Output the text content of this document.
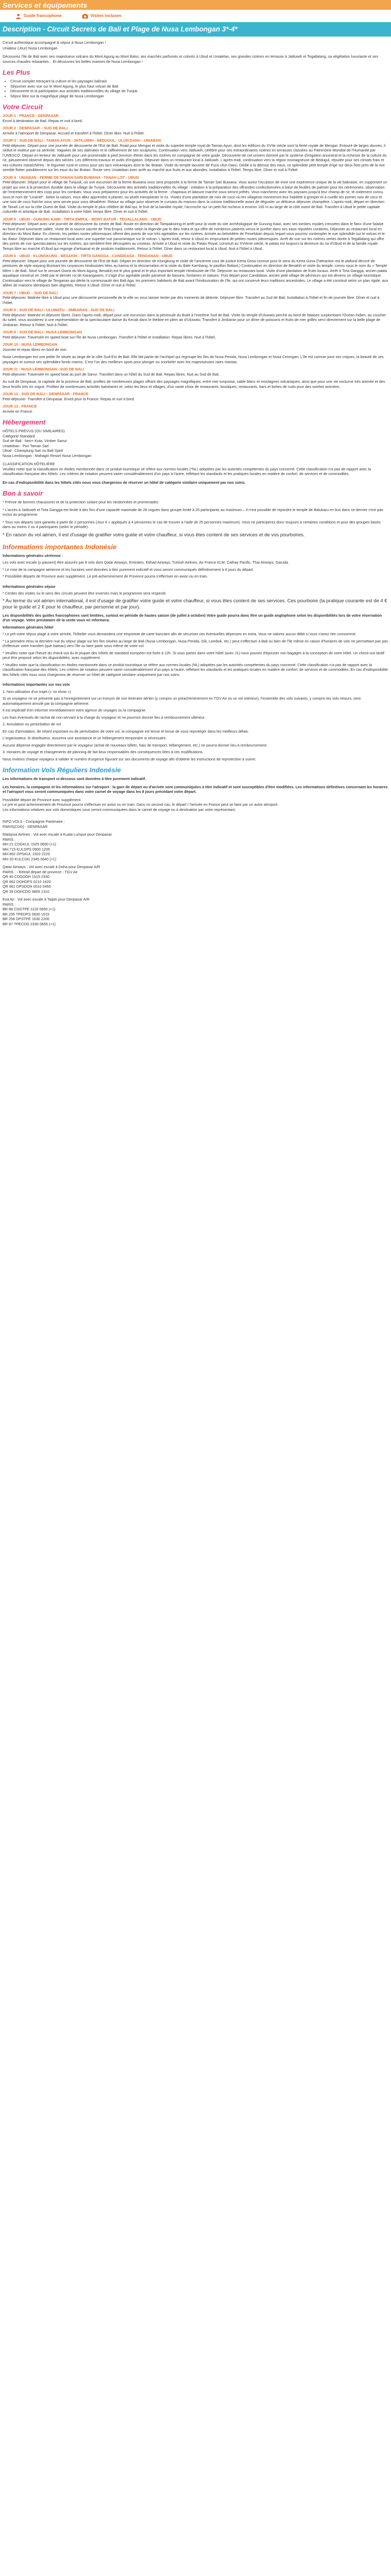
Services et équipements
Guide francophone	Visites incluses
Description - Circuit Secrets de Bali et Plage de Nusa Lembongan 3*-4*

Circuit authentique accompagné & séjour à Nusa Lembongan !

Uniateur (Jour) Nusa Lembongan

Découvrez l'île de Bali avec ses majestueux volcans du Mont Agung au Mont Batur, ses marchés parfumés et colorés à Ubud et Uniatelan, ses grandes rizières en terrasse à Jatiluwih et Tegallalang, sa végétation luxuriante et ses sources chaudes relaxantes... Et découvrez les belles marines de Nusa Lembongan !

Les Plus
• Circuit complet retraçant la culture et les paysages balinais
• Séjourner avec vue sur le Mont Agung, le plus haut volcan de Bali
• Découverte et la participation aux activités traditionnelles du village de Tunjuk
• Séjour libre sur la magnifique plage de Nusa Lembongan
Votre Circuit
JOUR 1 : FRANCE - DENPASAR

Envol à destination de Bali. Repas et nuit à bord.

JOUR 2 : DENPASAR – SUD DE BALI

Arrivée à l'aéroport de Denpasar. Accueil et transfert à l'hôtel. Dîner libre. Nuit à l'hôtel.

JOUR 3 : SUD DE BALI - TAMAN AYUN - JATILUWIH - BEDUGUL - ULUN DANU - UNIABAN

Petit-déjeuner. Départ pour une journée de découverte de l'Est de Bali. Road pour Mengwi et visite du superbe temple royal de Taman Ayun, dont les édifices du XVIIe siècle sont la fierté royale de Mengwi. Entouré de larges douves, il séduit le visiteur par sa sérénité. Vaguées de ses dalmates et le raffinement de ses sculptures. Continuation vers Jatiluwih, célébré pour ses extraordinaires rizières en terrasses classées au Patrimoine Mondial de l'Humanité par l'UNESCO. Départ en lenteur de Jatiluwih pour une promenade à pied (environ 45min dans les rizières en compagnie de votre guide. Découverte de cet univers dominé par le système d'irrigation ancestral et la richesse de la culture du riz, pieusement observé depuis des siècles. Les différents travaux et outils d'irrigation. Déjeuner dans un restaurant local à Jatiluwih. L'après-midi, continuation vers la région montagneuse de Bedugul, réputée pour ses climats frais et ses cultures maraîchères : le légumier rural et connu pour ses lacs volcaniques dont le lac Bratan. Visite du temple lacustre de Pura Ulun Danu. Dédié à la déesse des eaux, ce splendide petit temple érigé sur deux îlots près de la rive semble flotter paisiblement sur les eaux du lac Bratan. Route vers Uniateban avec arrêt au marché aux fruits et aux abondes. Installation à l'hôtel. Temps libre. Dîner et nuit à l'hôtel.

JOUR 4 : UNIABAN - FERME DE TAMAN SARI BUWANA - TANAH LOT - UBUD

Petit-déjeuner. Départ pour le village de Tunjuuk, où une excursion de la ferme Buwana vous sera proposée à la ferme de Taman Sari Buwana. Vous aurez l'occasion de vivre une expérience unique de la vie balinaise, en supportant un projet qui vise à la protection durable dans le village de Tunjuk. Découverte des activités traditionnelles du village : initiation à la préparation des offrandes confectionnées à base de feuilles de palmier pour les cérémonies, observation de l'entretiennement des coqs pour les combats. Vous vous préparerez pour les activités de la ferme : chapeaux et laboure marche sous seront prêtés. Vous marcherez avec les paysans jusqu'à leur champ de riz, le codement connu sous le nom de "Linariet". Selon la saison, vous allez apprendre à planter, ou plutôt transplanter le riz. Visitez d'une plantation de noix de coco où les villageois montreront leur habileté à grimper et à cueillir les pomes noix de coco et une noix de coco fraîche vous sera servie pour vous désaltérer. Retour au village pour observer le cursaos du mariuss dans la cuisine traditionnelle avant de déguster un délicieux déjeuner champêtre. L'après-midi, départ en direction de Tanah Lot sur la côte Ouest de Bali. Visite du temple le plus célèbre de Bali qui, le fruit de la bandite royale, l'accroche sur un petit îlot rocheux à environ 100 m au large de la côte ouest de Bali. Transfert à Ubud le petite capitale culturelle et artistique de Bali. Installation à votre hôtel. temps libre. Dîner et nuit à l'hôtel.

JOUR 5 : UBUD - GUNUNG KAWI - TIRTA EMPUL - MONT BATUR - TEGALLALANG - UBUD

Petit-déjeuner. Départ avec une journée de découverte du centre de Bali. Route en direction de Tampaksiring et arrêt pour la visite du site archéologique de Gunung Kawi, avec ses tombes royales creusées dans le flanc d'une falaise au fond d'une luxuriante vallée. Visite de la source sacrée de Tirta Empul, créée selon la légende par le dieu Indra et qui offre de nombreux patients venus le purifier dans ses eaux réputées curatives. Déjeuner au restaurant local en direction du Mont Batur. En chemin, les petites routes pittoresques offrent des points de vue très agréables sur les rizières. Arrivée au belvédère de Penelokan depuis lequel vous pourrez contempler le vue splendide sur le volcan et le lac Batur. Déjeuner dans un restaurant local avec une superbe vue panoramique sur le volcan. L'après-midi, retour à Ubud en empruntant de petites routes pittoresques. Arrêt de vue sur les rizières vertes dorée à Tegallalang qui offre des points de vue spectaculaires sur les rizières, qui semblent être découpées au couteau. Arrivée à Ubud et visite du Palais Royal, construit au XVIème siècle, le palais est toujours la demeure du roi d'Ubud et de la famille royale. Temps libre au marché d'Ubud qui regorge d'artisanat et de produits traditionnels. Retour à l'hôtel. Dîner dans un restaurant local à Ubud. Nuit à l'hôtel à Ubud.

JOUR 6 : UBUD - KLUNGKUNG - BESAKIH - TIRTA GANGGA - CANDIDASA - TENGANAN - UBUD

Petit-déjeuner. Départ pour une journée de découverte de l'Est de Bali. Départ en direction de Klungkung et visite de l'ancienne cour de justice Kerta Gosa connue pour le sens du Kerta Gosa (l'attraction est le plafond décoré de peintures de style wayang illustrant les croyances hindouistes liées au karma et la réincarnation et la visite du Bale Kambang, le pavillon flottant.) Continuation en direction de Besakih et visite du temple, connu sous le nom du « Temple Mère » de Bali. Situé sur le versant Ouest du Mont Agung, Besakih est le plus grand et le plus important temple Hindouiste de l'île. Déjeuner au restaurant local. Visite d'une plantation de fruits locaux. Arrêt à Tirta Gangga, ancien palais aquatique construit en 1948 par le dernier roi de Karangasem, il s'agit d'un agréable jardin parsemé de bassins, fontaines et statues. Puis départ pour Candidasa, ancien petit village de pêcheurs qui est devenu un village touristique. Continuation vers le village de Tenganan qui dérite la communauté des Bali Aga, les premiers habitants de Bali avant l'hindouisation de l'île, qui ont conservé leurs traditions ancestrales. Le village a été construit selon un plan rigide, aux allées de maisons identiques bien alignées. Retour à Ubud. Dîner et nuit à l'hôtel.

JOUR 7 : UBUD – SUD DE BALI

Petit-déjeuner. Matinée libre à Ubud pour une découverte personnelle de la ville ou vous laisser tenter par des moments de détente. Déjeuner libre. Transfert au Sud de Bali. Installation à l'hôtel et fin de journée libre. Dîner et nuit à l'hôtel.

JOUR 8 : SUD DE BALI - ULUWATU - JIMBARAN - SUD DE BALI

Petit-déjeuner. Matinée et déjeuner libres. Dans l'après-midi, départ pour une excursion dans la péninsule du Bukit à l'extrême Sud de Bali. Visite du temple d'Uluwatu perché au bord de falaises surplombant l'Océan Indien, au coucher du soleil, vous assisterez à une représentation de la spectaculaire danse du Kecak dans le théâtre en plein air d'Uluwatu. Transfert à Jimbaran pour un dîner de poissons et fruits de mer grillés servi directement sur la belle plage de Jimbaran. Retour à l'hôtel. Nuit à l'hôtel.

JOUR 9 : SUD DE BALI - NUSA LEMBONGAN

Petit-déjeuner. Traversée en speed boat sur l'île de Nusa Lembongan. Transfert à l'hôtel et installation. Repas libres. Nuit à l'hôtel.

JOUR 10 : NUSA LEMBONGAN

Journée et repas libres en bord de mer.

Nusa Lembongan est une petite île située au large de la côte Sud-Est de Bali. Elle fait partie de l'archipel qui regroupe les îles de Nusa Penida, Nusa Lembongan et Nusa Ceningan. L'île est connue pour ses criques, la beauté de ses paysages et surtout ses splendides fonds marins. C'est l'un des meilleurs spots pour plonger ou snorkeler avec les majestueuses raies mantas.

JOUR 11 : NUSA LEMBONGAN - SUD DE BALI

Petit-déjeuner. Traversée en speed boat au port de Sanur. Transfert dans un hôtel du Sud de Bali. Repas libres. Nuit au Sud de Bali.

Au sud de Denpasar, la capitale de la province de Bali, profitez de nombreuses plages offrant des paysages magnifiques, entre mer turquoise, sable blanc et montagnes volcaniques, ainsi que pour une vie nocturne très animée et des lieux festifs très en vogue. Profitez de nombreuses activités balnéaires et, selon les lieux et villages, d'un vaste choix de restaurants, boutiques, restaurants, bars et boîtes de nuits pour des soirées animées.

JOUR 12 : SUD DE BALI – DENPASAR - FRANCE

Petit-déjeuner. Transfert à Denpasar. Envol pour la France. Repas et nuit à bord.

JOUR 13 : FRANCE

Arrivée en France.

Hébergement

HÔTELS PRÉVUS (OU SIMILAIRES)

Catégorie Standard

Sud de Bali : Neo+ Kuta, Vimber Sanur

Uniateban : Puri Taman Sari

Ubud : Champlung Sari ou Bali Spirit

Nusa Lembongan : Mahagiri Resort Nusa Lembongan

CLASSIFICATION HÔTELIÈRE

Veuillez noter que la classification en étoiles mentionnée dans ce produit touristique se réfère aux normes locales (*NL) adoptées par les autorités compétentes du pays concerné. Cette classification n'a pas de rapport avec la classification française des hôtels. Les critères de notation peuvent varier considérablement d'un pays à l'autre, reflétant les standards et les pratiques locales en matière de confort, de services et de commodités.

En cas d'indisponibilité dans les hôtels cités nous vous chargerons de réserver un hôtel de catégorie similaire uniquement par nos soins.

Bon à savoir

* Prévoir de bonnes chaussures et de la protection solaire pour les randonnées et promenades.

* L'accès à Jatiluwih et Tirta Gangga est limité à des fins d'une capacité maximale de 28 vogues dans groupe limité à 25 participants au maximum – il n'est possible de rejoindre le temple de Batukaru en bus dans ce dernier n'est pas inclus au programme.

* Tous nos départs sont garantis à partir de 2 personnes (Jour 6 « appliqués à 4 personnes le cas de trouver à l'aide de 25 personnes maximum). Vous ne participerez donc toujours à certaines conditions et pour des groupes basés dans au moins 2 ou 4 participants (selon le période).

* En raison du vol aérien, il est d'usage de gratifier votre guide et votre chauffeur, si vous êtes content de ses services et de vos pourboires.

Informations importantes Indonésie

Informations générales séréenne :

Les vols avec escale (y passent) être assurés par 8 vols dont Qatar Airways, Emirates, Etihad Airways, Turkish Airlines, Air France KLM, Cathay Pacific, Thai Airways, Garuda.

* Le rose de la campagne aérienne et les horaires sont données à titre purement indicatif et vous seront communiqués définitivement à 8 jours du départ.

* Possibilité départs de Province avec supplément. Le pré-acheminement de Province pourra s'effectuer en avion ou en train.

Informations générales séjour

* Cerdes des visites ou le sens des circuits peuvent être inversés mais le programme sera respecté.

* Au terme du vol aérien international, il est d'usage de gratifier votre guide et votre chauffeur, si vous êtes content de ses services. Ces pourboire (la pratique courante est de 4 € pour le guide et 2 € pour le chauffeur, par personne et par jour).

Les disponibilités des guides francophones sont limitées, surtout en période de hautes saison (de juillet à octobre) Votre guide pourra donc être un guide anglophone selon les disponibilités lors de votre réservation d'un voyage. Votre prestataire de la vente vous en informera.

Informations générales hôtel

* Le pré-votre séjour plage à votre arrivée, l'hôtelier vous demandera une empreinte de carte bancaire afin de sécuriser vos éventuelles dépenses en extra. Vous ne valorez aucun débit si vous n'avez rien consommé.

* La première et/ou la dernière nuit du séjour plage sur les îles situées au large de Bali (Nusa Lembongan, Nusa Penida, Gili, Lombok, etc.) peut s'effectuer à Bali ou bien de l'île même en raison d'horaires de vols ne permettant pas pas d'effectuer votre transfert (que bateau) vers l'île ou faire partir sous même de votre vol.

* Veuillez noter que l'heure du check-out du le plupart des hôtels de standard européen est fixée à 12h. Si vous partez dans votre hôtel (avec J1) nous pouvez d'épouser non bagages à la conception de votre hôtel. Un check-out tardif peut être proposé selon les disponibilités, avec supplément.

* Veuillez noter que la classification en étoiles mentionnée dans ce produit touristique se réfère aux normes locales (NL) adoptées par les autorités compétentes du pays concerné. Cette classification n'a pas de rapport avec la classification française des hôtels. Les critères de notation peuvent varier considérablement d'un pays à l'autre, reflétant les standards et les pratiques locales en matière de confort, de services et de commodités. En cas d'indisponibilité des hôtels cités nous vous chargerons de réserver un hôtel de catégorie similaire uniquement par nos soins.

Informations importantes sur vos vols

1. Non-utilisation d'un trajet (« no show »)

Si un voyageur ne se présente pas à l'enregistrement sur un tronçon de son itinéraire aérien (y compris un préacheminement en TGV Air ou un vol intérieur), l'ensemble des vols suivants, y compris les vols retours, sera automatiquement annulé par la compagnie aérienne.

Il est impératif d'en informer immédiatement votre agence de voyages ou la compagnie.

Les frais éventuels de rachat de non-servant à la charge du voyageur et ne pourront donner lieu à remboursement ultérieur.

2. Annulation ou perturbation de vol

En cas d'annulation, de retard important ou de perturbation de votre vol, la compagnie est tenue et tenue de vous reprotéger dans les meilleurs délais.

L'organisateur, le distributeur, assurera une assistance et un hébergement temporaire si nécessaire.

Aucune dépense engagée directement par le voyageur (achat de nouveaux billets, frais de transport, hébergement, etc.) ne pourra donner lieu à remboursement.

3. Horaires de voyage et changements de planning de fait lieux responsables des conséquences liées à ces modifications.

Nous invitons chaque voyageur à valider le numéro d'urgence figurant sur ses documents de voyage afin d'obtenir les instructions de reprotection à suivre.

Information Vols Réguliers Indonésie

Les informations de transport ci-dessous sont données à titre purement indicatif.

Les horaires, la compagnie et les informations sur l'aéroport : la gare de départ ou d'arrivée sont communiquées à titre indicatif et sont susceptibles d'être modifiées. Les informations définitives concernant les horaires et l'aéroport vous seront communiquées dans votre carnet de voyage dans les 8 jours précédant votre départ.

Possibilité départ de Province avec supplément.

Le pré et post acheminement de Province pourra s'effectuer en avion ou en train. Dans ce second cas, le départ / l'arrivée en France peut se faire par un autre aéroport.

Les informations relatives aux vols domestiques vous seront communiquées dans le carnet de voyage ou à destination par votre représentant.

INFO VOLS - Compagnie Partenaire :

PARIS(CDG) - DENPASAR

Malaysia Airlines : Vol avec escale à Kuala Lumpur pour Denpasar

PARIS :

MH 21 CDGKUL 1525 0650 (+1)

MH 715 KULDPS 0900 1205

MH 852 DPSKUL 1920 2220

MH 20 KULCDG 2345 0640 (+1)

Qatar Airways : Vol avec escale à Doha pour Denpasar A/R

PARIS : - Retrait départ de province - TGV Air

QR 40 CDGDOH 1515 2330

QR 962 DOHDPS 0210 1620

QR 961 DPSDOH 0010 0455

QR 39 DOHCDG 0805 1310

Eva Air : Vol avec escale à Taipei pour Denpasar A/R

PARIS :

BR 88 CDGTPE 1120 0650 (+1)

BR 255 TPEDPS 0930 1515

BR 256 DPSTPE 1630 2200

BR 87 TPECDG 2330 0655 (+1)
